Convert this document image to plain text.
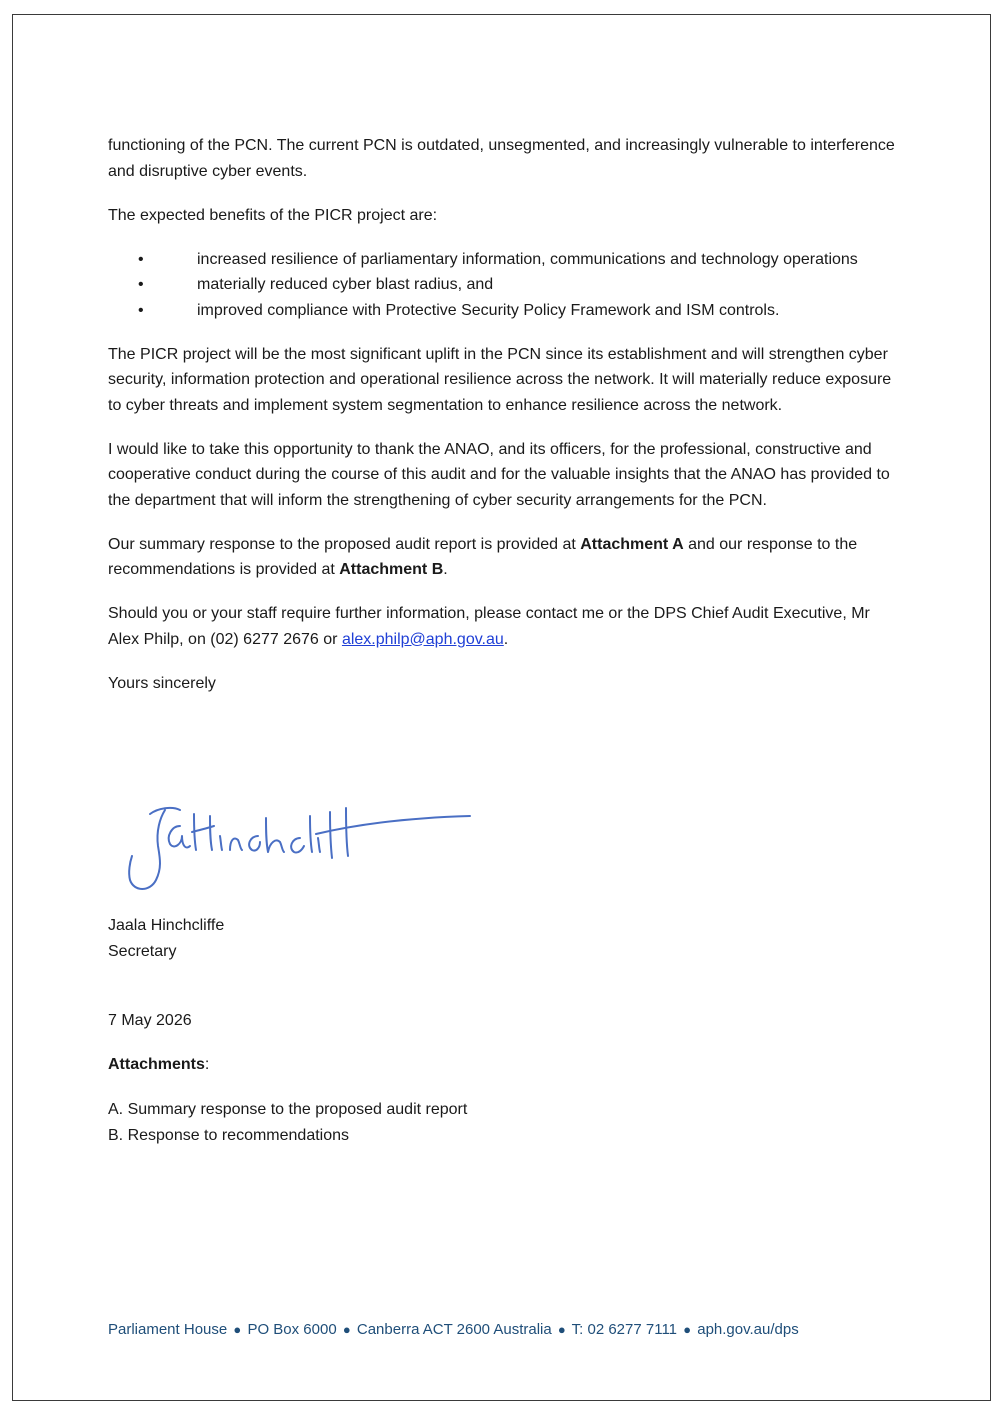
functioning of the PCN. The current PCN is outdated, unsegmented, and increasingly vulnerable to interference and disruptive cyber events.

The expected benefits of the PICR project are:

•	increased resilience of parliamentary information, communications and technology operations
•	materially reduced cyber blast radius, and
•	improved compliance with Protective Security Policy Framework and ISM controls.

The PICR project will be the most significant uplift in the PCN since its establishment and will strengthen cyber security, information protection and operational resilience across the network. It will materially reduce exposure to cyber threats and implement system segmentation to enhance resilience across the network.

I would like to take this opportunity to thank the ANAO, and its officers, for the professional, constructive and cooperative conduct during the course of this audit and for the valuable insights that the ANAO has provided to the department that will inform the strengthening of cyber security arrangements for the PCN.

Our summary response to the proposed audit report is provided at Attachment A and our response to the recommendations is provided at Attachment B.

Should you or your staff require further information, please contact me or the DPS Chief Audit Executive, Mr Alex Philp, on (02) 6277 2676 or alex.philp@aph.gov.au.

Yours sincerely

Jaala Hinchcliffe
Secretary
7 May 2026
Attachments:
A. Summary response to the proposed audit report
B. Response to recommendations
Parliament House ● PO Box 6000 ● Canberra ACT 2600 Australia ● T: 02 6277 7111 ● aph.gov.au/dps
